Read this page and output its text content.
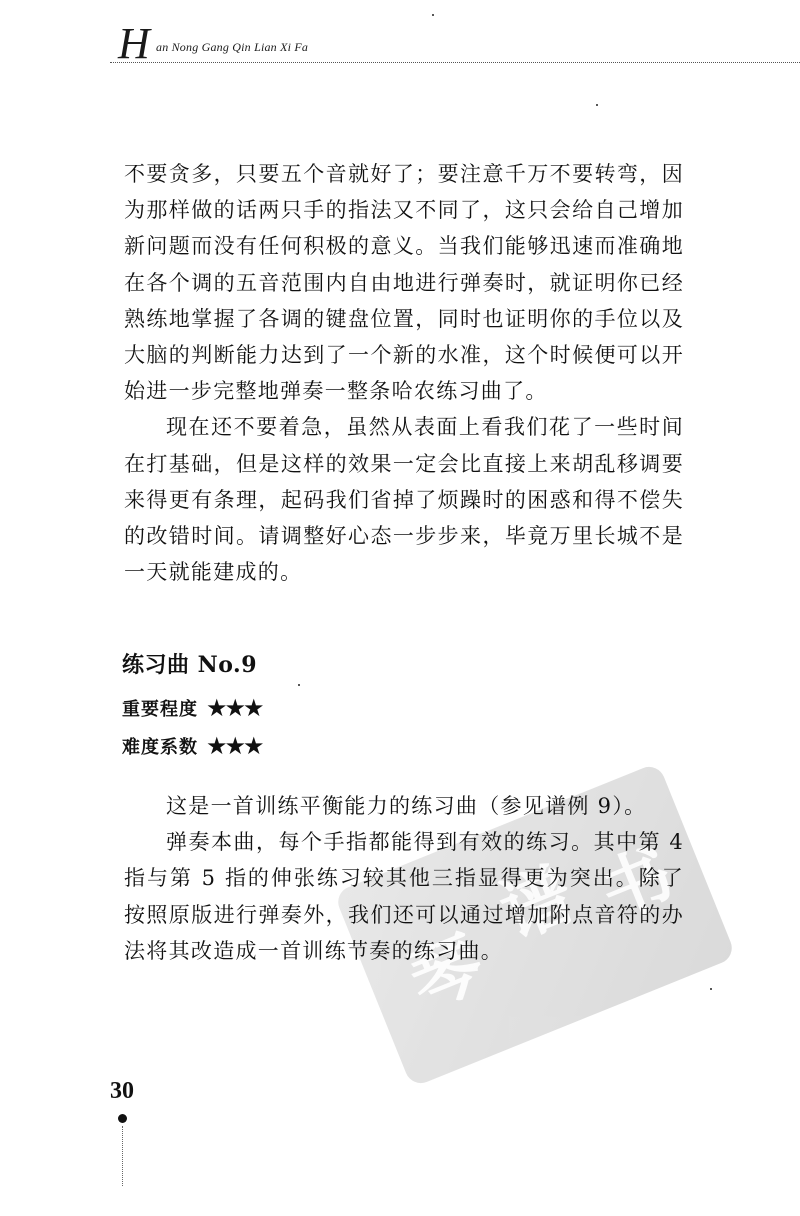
H an Nong Gang Qin Lian Xi Fa

不要贪多，只要五个音就好了；要注意千万不要转弯，因为那样做的话两只手的指法又不同了，这只会给自己增加新问题而没有任何积极的意义。当我们能够迅速而准确地在各个调的五音范围内自由地进行弹奏时，就证明你已经熟练地掌握了各调的键盘位置，同时也证明你的手位以及大脑的判断能力达到了一个新的水准，这个时候便可以开始进一步完整地弹奏一整条哈农练习曲了。

现在还不要着急，虽然从表面上看我们花了一些时间在打基础，但是这样的效果一定会比直接上来胡乱移调要来得更有条理，起码我们省掉了烦躁时的困惑和得不偿失的改错时间。请调整好心态一步步来，毕竟万里长城不是一天就能建成的。

练习曲 No.9
重要程度 ★★★
难度系数 ★★★
琴
谱 书

这是一首训练平衡能力的练习曲（参见谱例 9）。

弹奏本曲，每个手指都能得到有效的练习。其中第 4 指与第 5 指的伸张练习较其他三指显得更为突出。除了按照原版进行弹奏外，我们还可以通过增加附点音符的办法将其改造成一首训练节奏的练习曲。

30
